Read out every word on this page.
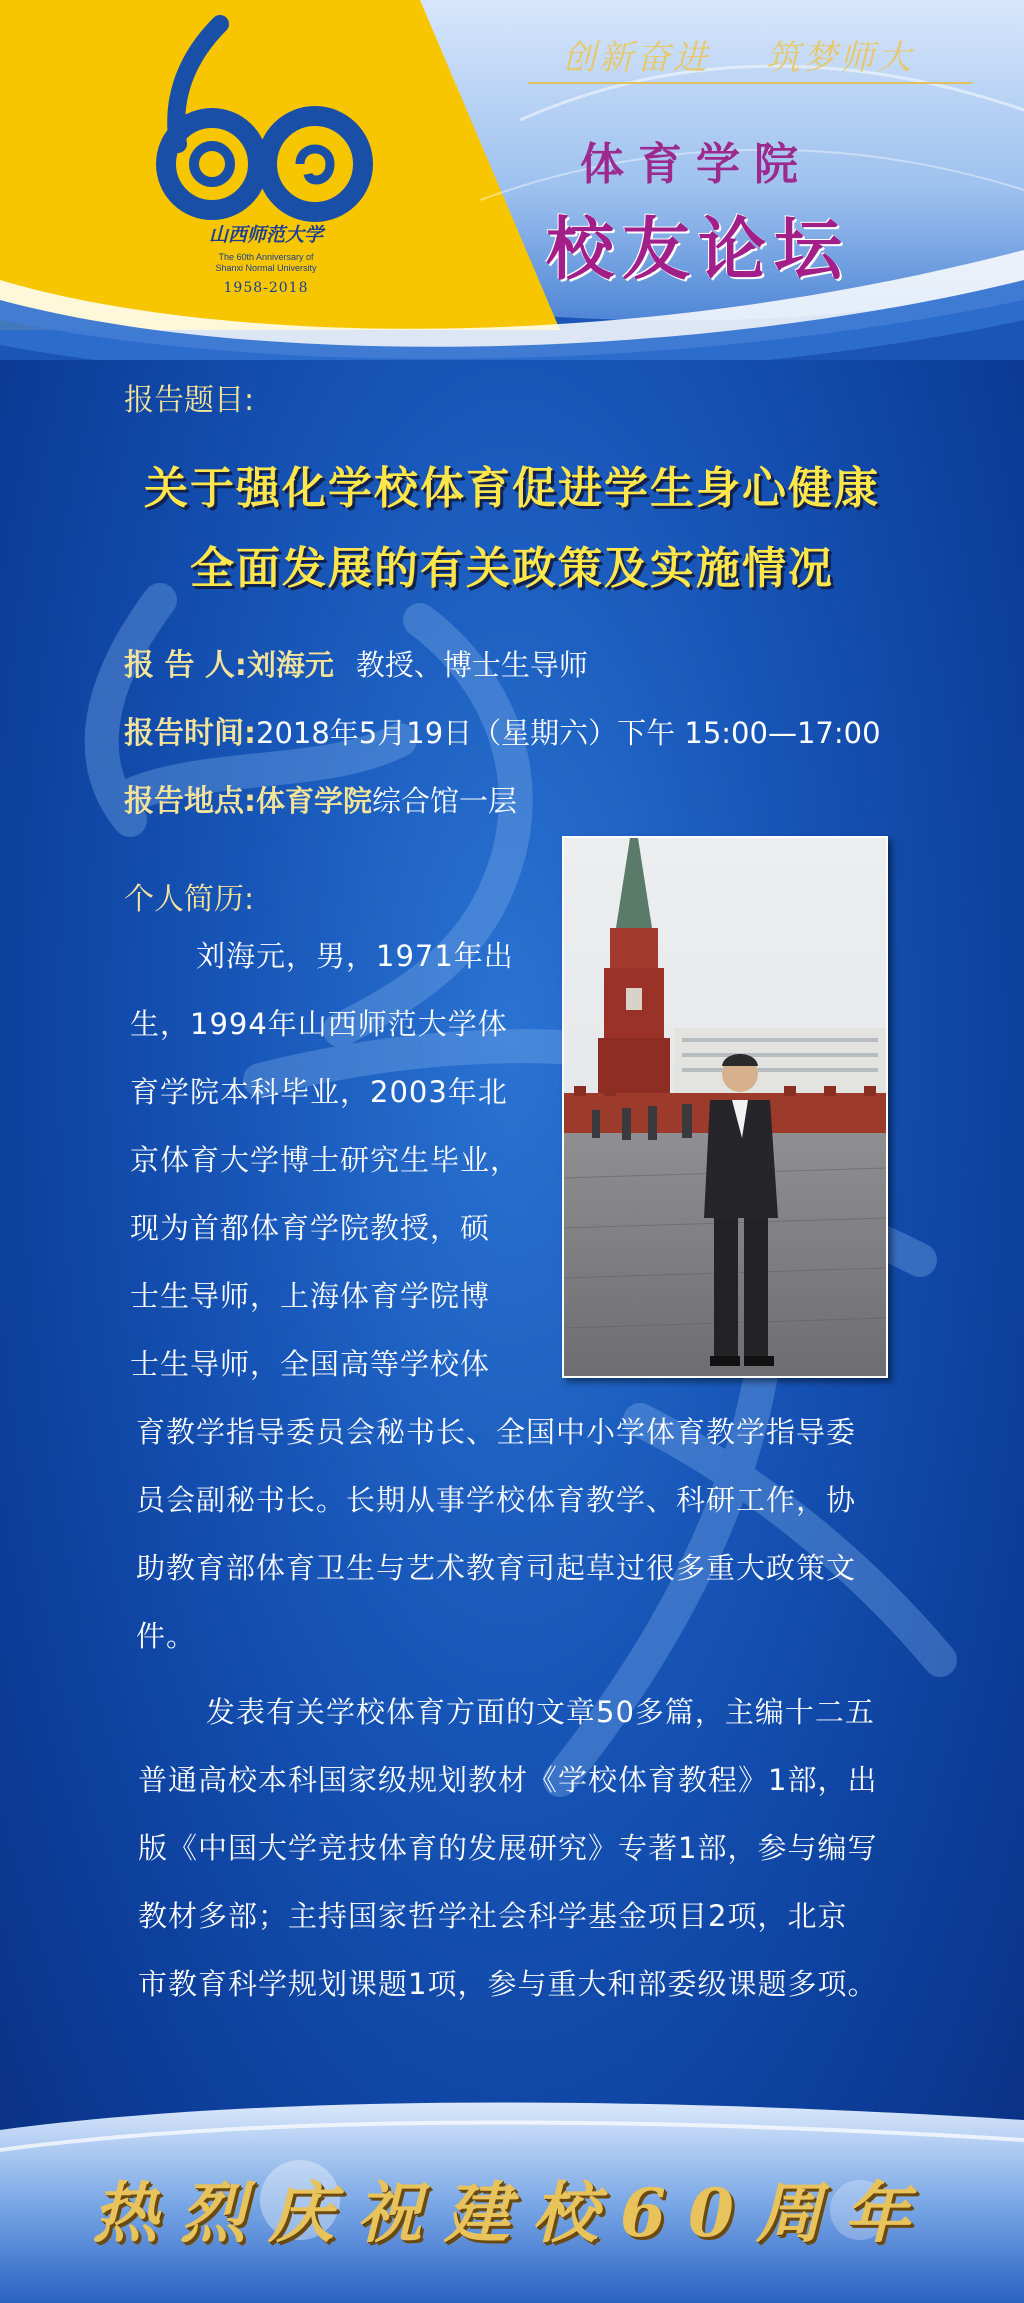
山西师范大学
The 60th Anniversary of
Shanxi Normal University
1958-2018
创新奋进 筑梦师大
体育学院
校友论坛
报告题目:
关于强化学校体育促进学生身心健康
全面发展的有关政策及实施情况
报 告 人:刘海元 教授、博士生导师
报告时间:2018年5月19日（星期六）下午 15:00—17:00
报告地点:体育学院综合馆一层
个人简历:
刘海元，男，1971年出
生，1994年山西师范大学体
育学院本科毕业，2003年北
京体育大学博士研究生毕业，
现为首都体育学院教授，硕
士生导师，上海体育学院博
士生导师，全国高等学校体
育教学指导委员会秘书长、全国中小学体育教学指导委
员会副秘书长。长期从事学校体育教学、科研工作，协
助教育部体育卫生与艺术教育司起草过很多重大政策文
件。
发表有关学校体育方面的文章50多篇，主编十二五
普通高校本科国家级规划教材《学校体育教程》1部，出
版《中国大学竞技体育的发展研究》专著1部，参与编写
教材多部；主持国家哲学社会科学基金项目2项，北京
市教育科学规划课题1项，参与重大和部委级课题多项。
热烈庆祝建校60周年
